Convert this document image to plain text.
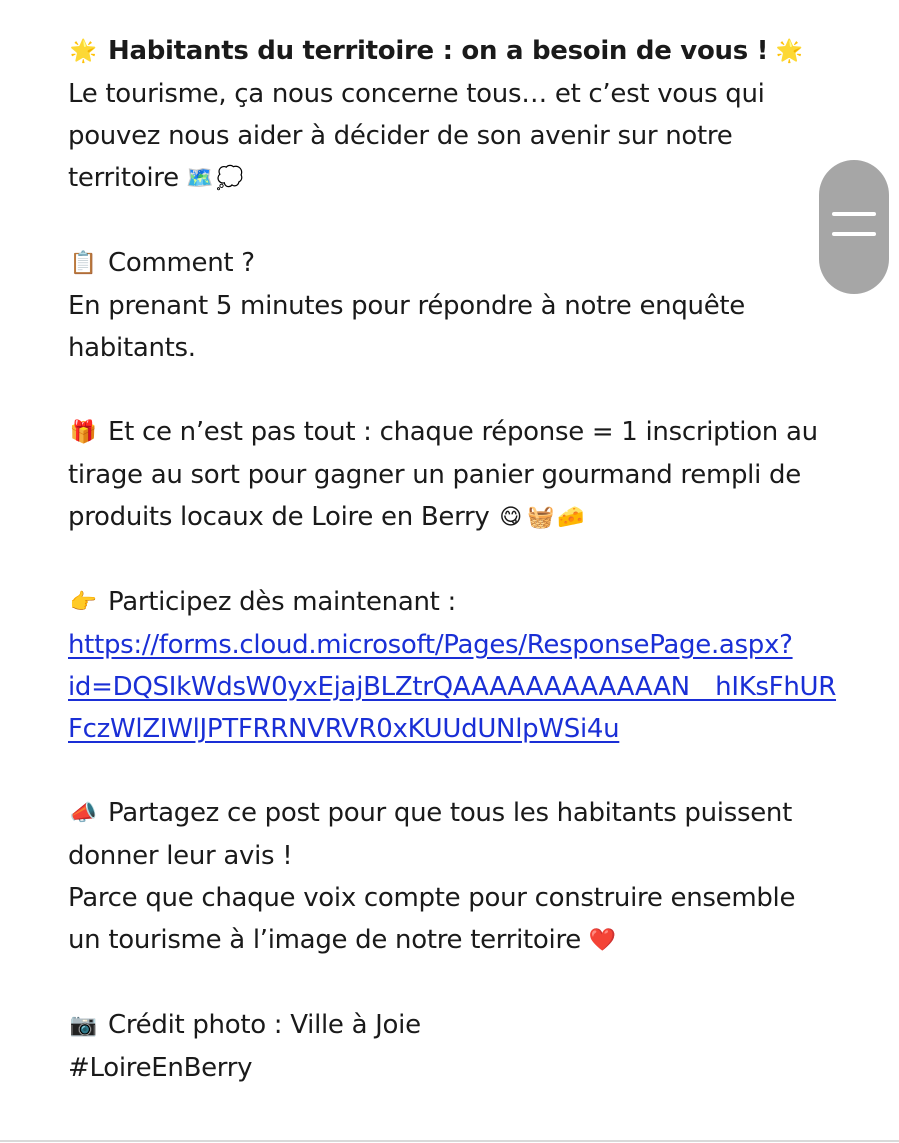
🌟 Habitants du territoire : on a besoin de vous ! 🌟
Le tourisme, ça nous concerne tous… et c’est vous qui
pouvez nous aider à décider de son avenir sur notre
territoire 🗺️ 💭
📋 Comment ?
En prenant 5 minutes pour répondre à notre enquête
habitants.
🎁 Et ce n’est pas tout : chaque réponse = 1 inscription au
tirage au sort pour gagner un panier gourmand rempli de
produits locaux de Loire en Berry 😋 🧺 🧀
👉 Participez dès maintenant :
https://forms.cloud.microsoft/Pages/ResponsePage.aspx?
id=DQSIkWdsW0yxEjajBLZtrQAAAAAAAAAAAAN__hIKsFhUR
FczWlZIWlJPTFRRNVRVR0xKUUdUNlpWSi4u
📣 Partagez ce post pour que tous les habitants puissent
donner leur avis !
Parce que chaque voix compte pour construire ensemble
un tourisme à l’image de notre territoire ❤️
📷 Crédit photo : Ville à Joie
#LoireEnBerry
